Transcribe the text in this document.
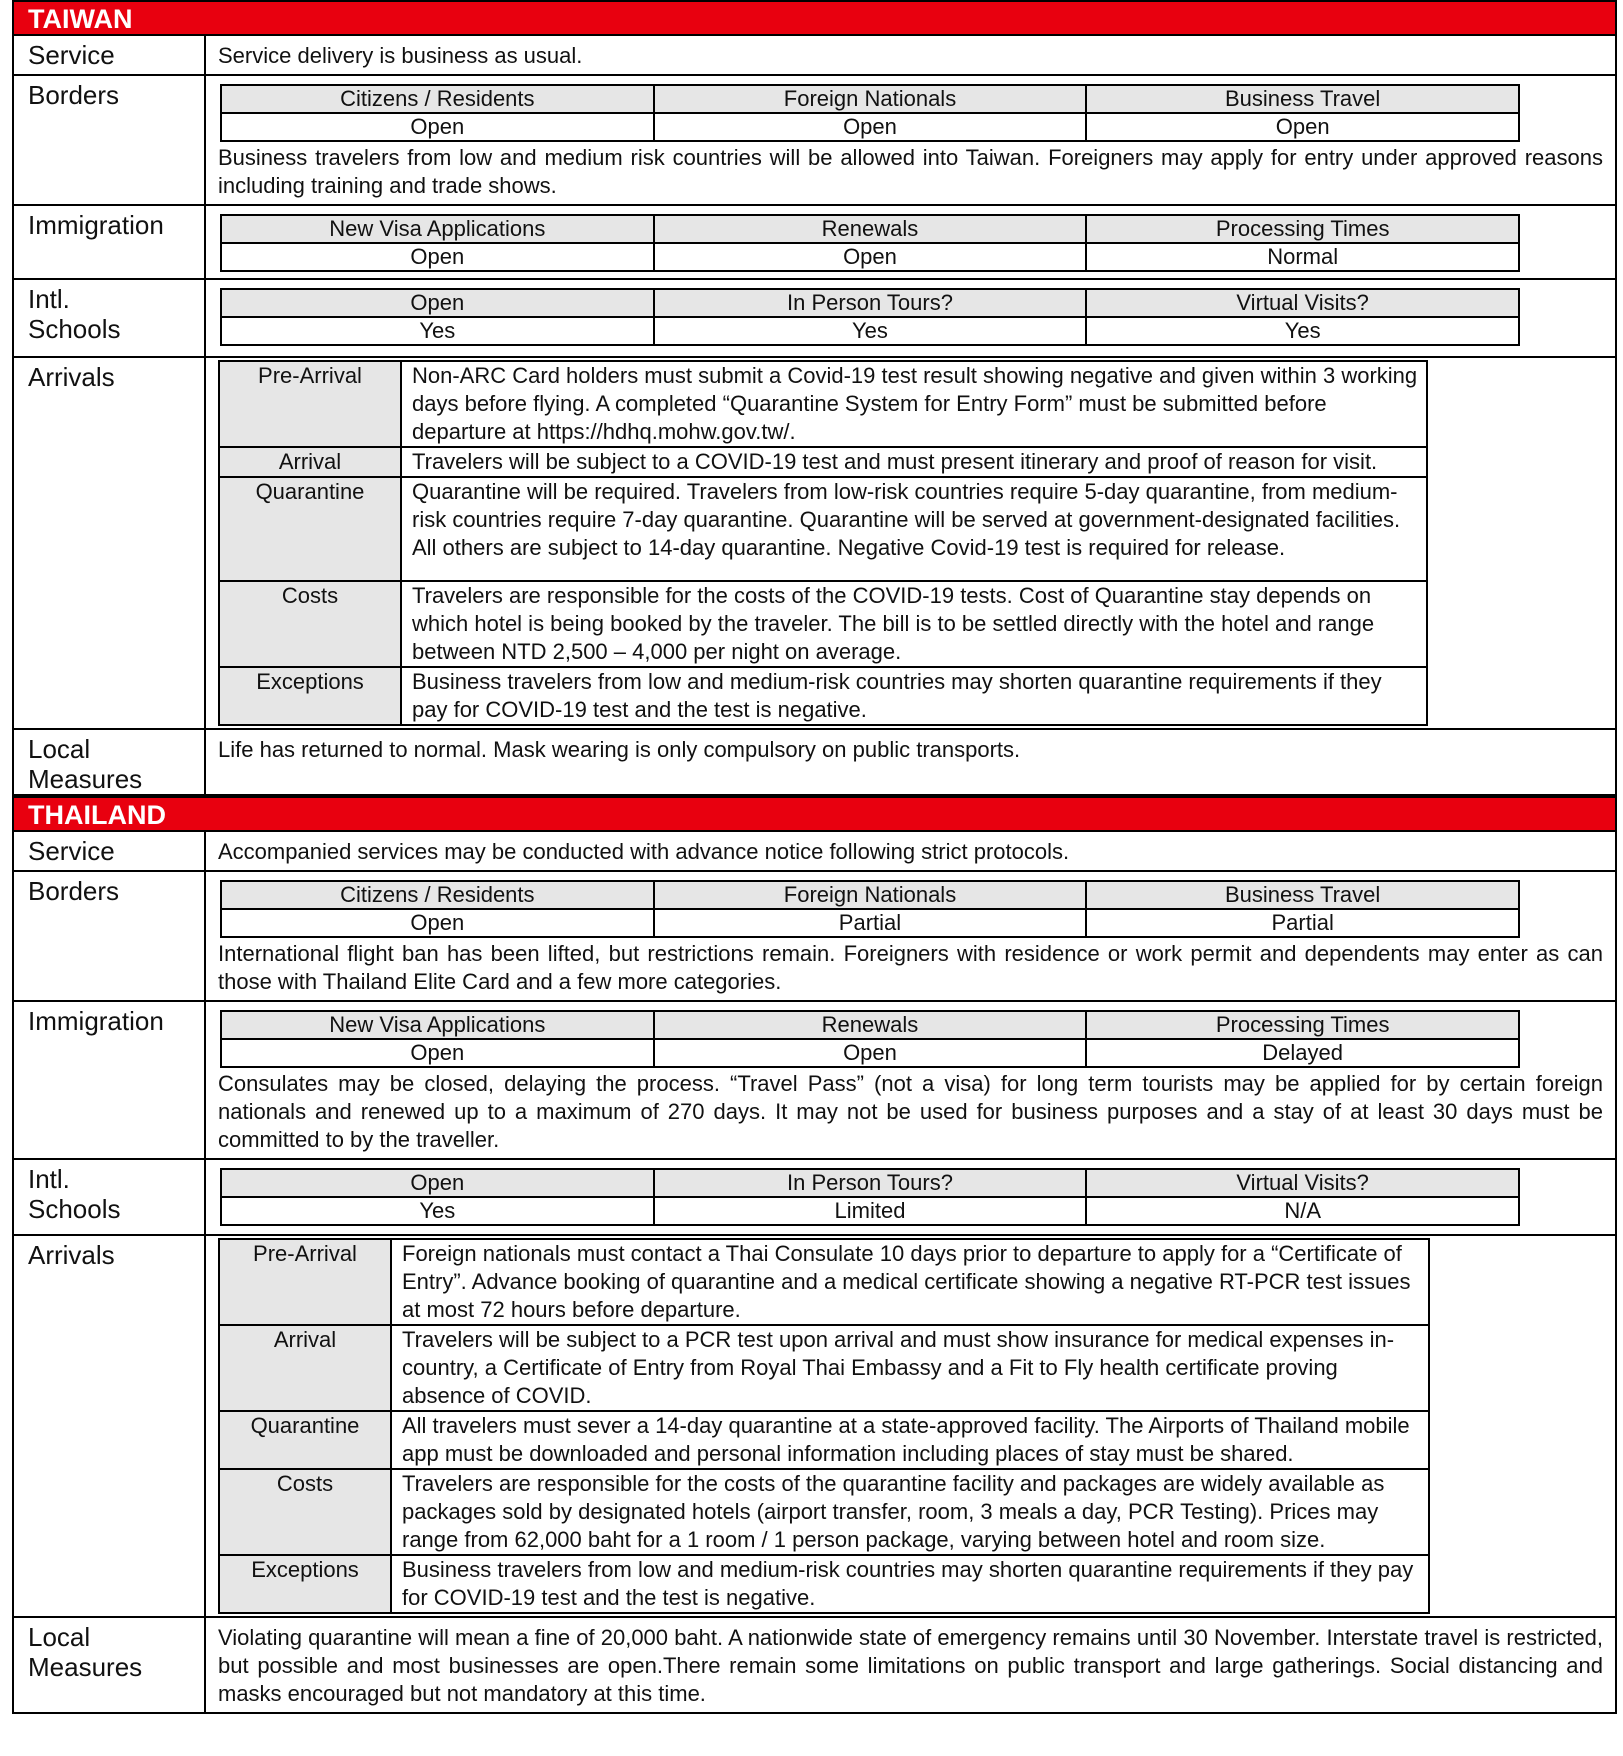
TAIWAN
Service	Service delivery is business as usual.

Borders
		Citizens / Residents	Foreign Nationals	Business Travel
Open	Open	Open
Business travelers from low and medium risk countries will be allowed into Taiwan. Foreigners may apply for entry under approved reasons including training and trade shows.

Immigration
		New Visa Applications	Renewals	Processing Times
Open	Open	Normal

Intl.
Schools

Open	In Person Tours?	Virtual Visits?
Yes	Yes	Yes

Arrivals
		Pre-Arrival	Non-ARC Card holders must submit a Covid-19 test result showing negative and given within 3 working days before flying. A completed “Quarantine System for Entry Form” must be submitted before departure at https://hdhq.mohw.gov.tw/.
Arrival	Travelers will be subject to a COVID-19 test and must present itinerary and proof of reason for visit.
Quarantine	Quarantine will be required. Travelers from low-risk countries require 5-day quarantine, from medium-risk countries require 7-day quarantine. Quarantine will be served at government-designated facilities. All others are subject to 14-day quarantine. Negative Covid-19 test is required for release.
Costs	Travelers are responsible for the costs of the COVID-19 tests. Cost of Quarantine stay depends on which hotel is being booked by the traveler. The bill is to be settled directly with the hotel and range between NTD 2,500 – 4,000 per night on average.
Exceptions	Business travelers from low and medium-risk countries may shorten quarantine requirements if they pay for COVID-19 test and the test is negative.

Local
Measures

Life has returned to normal. Mask wearing is only compulsory on public transports.
THAILAND
Service	Accompanied services may be conducted with advance notice following strict protocols.

Borders
		Citizens / Residents	Foreign Nationals	Business Travel
Open	Partial	Partial
International flight ban has been lifted, but restrictions remain. Foreigners with residence or work permit and dependents may enter as can those with Thailand Elite Card and a few more categories.

Immigration
		New Visa Applications	Renewals	Processing Times
Open	Open	Delayed
Consulates may be closed, delaying the process. “Travel Pass” (not a visa) for long term tourists may be applied for by certain foreign nationals and renewed up to a maximum of 270 days. It may not be used for business purposes and a stay of at least 30 days must be committed to by the traveller.

Intl.
Schools

Open	In Person Tours?	Virtual Visits?
Yes	Limited	N/A

Arrivals
		Pre-Arrival	Foreign nationals must contact a Thai Consulate 10 days prior to departure to apply for a “Certificate of Entry”. Advance booking of quarantine and a medical certificate showing a negative RT-PCR test issues at most 72 hours before departure.
Arrival	Travelers will be subject to a PCR test upon arrival and must show insurance for medical expenses in-country, a Certificate of Entry from Royal Thai Embassy and a Fit to Fly health certificate proving absence of COVID.
Quarantine	All travelers must sever a 14-day quarantine at a state-approved facility. The Airports of Thailand mobile app must be downloaded and personal information including places of stay must be shared.
Costs	Travelers are responsible for the costs of the quarantine facility and packages are widely available as packages sold by designated hotels (airport transfer, room, 3 meals a day, PCR Testing). Prices may range from 62,000 baht for a 1 room / 1 person package, varying between hotel and room size.
Exceptions	Business travelers from low and medium-risk countries may shorten quarantine requirements if they pay for COVID-19 test and the test is negative.

Local
Measures

Violating quarantine will mean a fine of 20,000 baht. A nationwide state of emergency remains until 30 November. Interstate travel is restricted, but possible and most businesses are open.There remain some limitations on public transport and large gatherings. Social distancing and masks encouraged but not mandatory at this time.
